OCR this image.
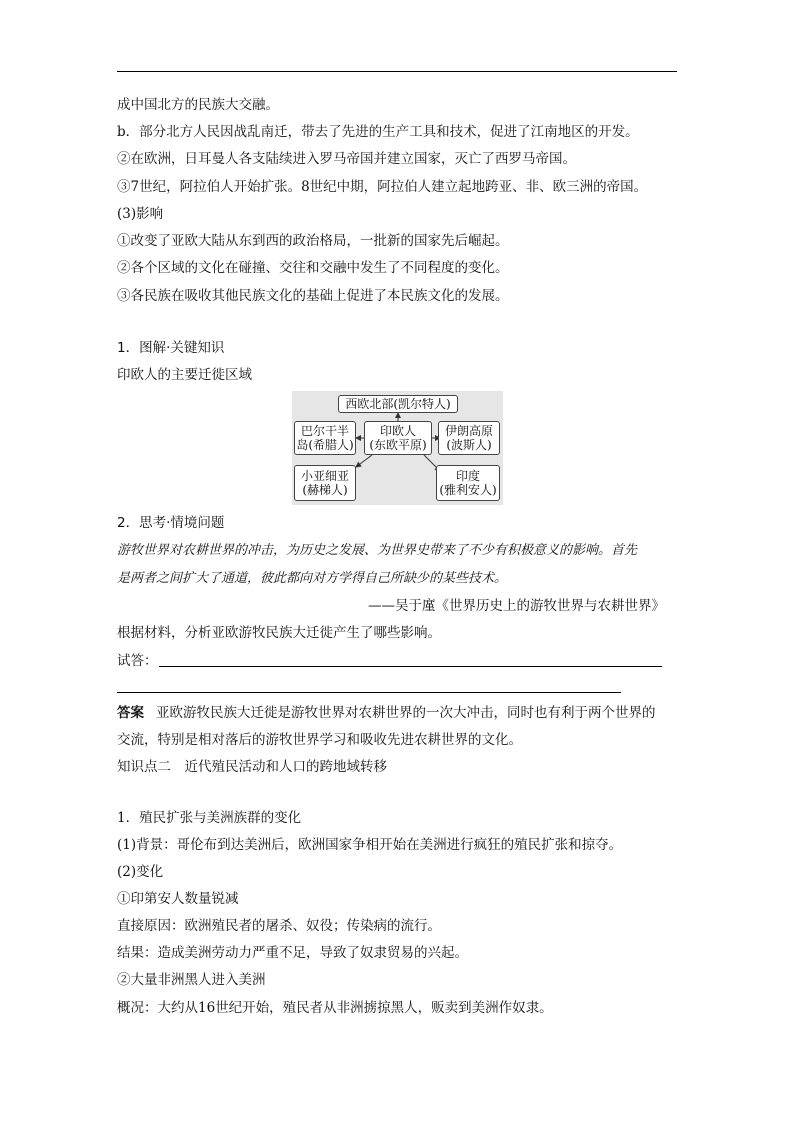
成中国北方的民族大交融。
b．部分北方人民因战乱南迁，带去了先进的生产工具和技术，促进了江南地区的开发。
②在欧洲，日耳曼人各支陆续进入罗马帝国并建立国家，灭亡了西罗马帝国。
③7世纪，阿拉伯人开始扩张。8世纪中期，阿拉伯人建立起地跨亚、非、欧三洲的帝国。
(3)影响
①改变了亚欧大陆从东到西的政治格局，一批新的国家先后崛起。
②各个区域的文化在碰撞、交往和交融中发生了不同程度的变化。
③各民族在吸收其他民族文化的基础上促进了本民族文化的发展。
1．图解·关键知识
印欧人的主要迁徙区域
西欧北部(凯尔特人)
巴尔干半
岛(希腊人)
印欧人
(东欧平原)
伊朗高原
(波斯人)
小亚细亚
(赫梯人)
印度
(雅利安人)
2．思考·情境问题
游牧世界对农耕世界的冲击，为历史之发展、为世界史带来了不少有积极意义的影响。首先
是两者之间扩大了通道，彼此都向对方学得自己所缺少的某些技术。
——吴于廑《世界历史上的游牧世界与农耕世界》
根据材料，分析亚欧游牧民族大迁徙产生了哪些影响。
试答：
答案 亚欧游牧民族大迁徙是游牧世界对农耕世界的一次大冲击，同时也有利于两个世界的
交流，特别是相对落后的游牧世界学习和吸收先进农耕世界的文化。
知识点二　近代殖民活动和人口的跨地域转移
1．殖民扩张与美洲族群的变化
(1)背景：哥伦布到达美洲后，欧洲国家争相开始在美洲进行疯狂的殖民扩张和掠夺。
(2)变化
①印第安人数量锐减
直接原因：欧洲殖民者的屠杀、奴役；传染病的流行。
结果：造成美洲劳动力严重不足，导致了奴隶贸易的兴起。
②大量非洲黑人进入美洲
概况：大约从16世纪开始，殖民者从非洲掳掠黑人，贩卖到美洲作奴隶。
